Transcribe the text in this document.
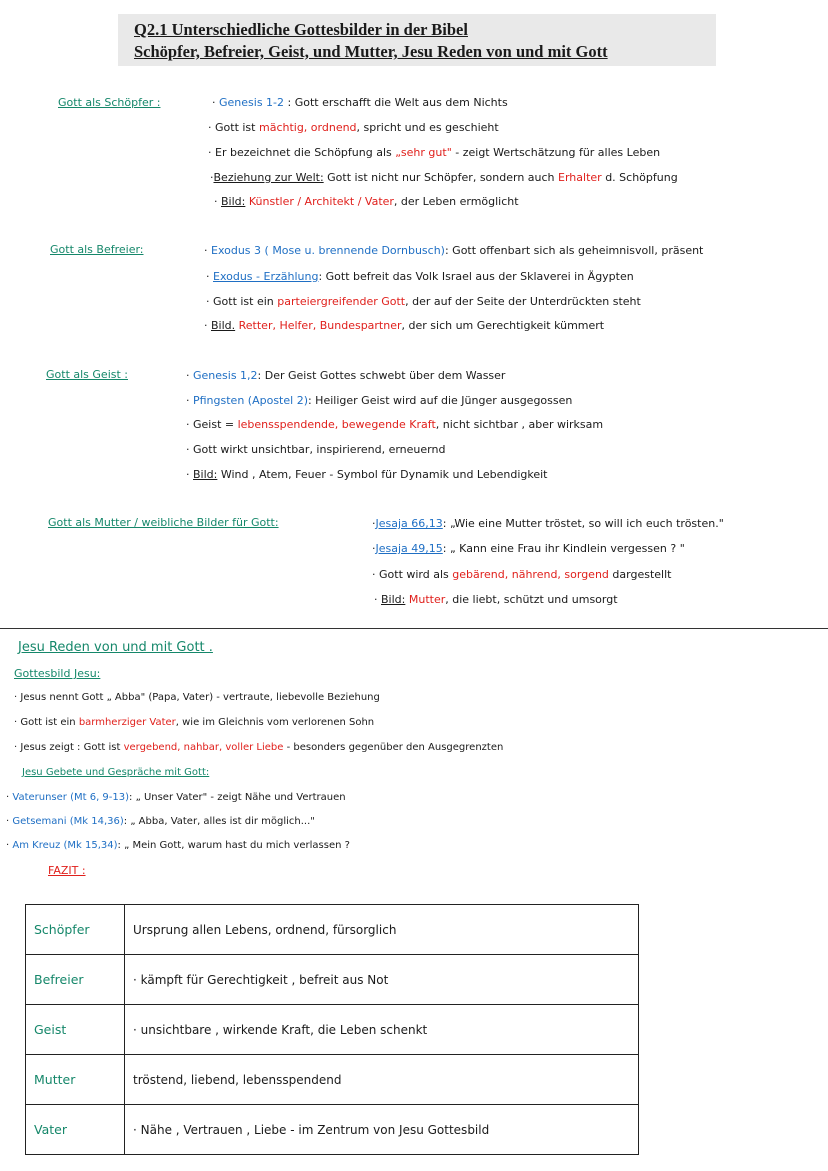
Q2.1 Unterschiedliche Gottesbilder in der Bibel
Schöpfer, Befreier, Geist, und Mutter, Jesu Reden von und mit Gott
Gott als Schöpfer :	· Genesis 1-2 : Gott erschafft die Welt aus dem Nichts
· Gott ist mächtig, ordnend, spricht und es geschieht
· Er bezeichnet die Schöpfung als „sehr gut" - zeigt Wertschätzung für alles Leben
·Beziehung zur Welt: Gott ist nicht nur Schöpfer, sondern auch Erhalter d. Schöpfung
· Bild: Künstler / Architekt / Vater, der Leben ermöglicht
Gott als Befreier:	· Exodus 3 ( Mose u. brennende Dornbusch): Gott offenbart sich als geheimnisvoll, präsent
· Exodus - Erzählung: Gott befreit das Volk Israel aus der Sklaverei in Ägypten
· Gott ist ein parteiergreifender Gott, der auf der Seite der Unterdrückten steht
· Bild. Retter, Helfer, Bundespartner, der sich um Gerechtigkeit kümmert
Gott als Geist :	· Genesis 1,2: Der Geist Gottes schwebt über dem Wasser
· Pfingsten (Apostel 2): Heiliger Geist wird auf die Jünger ausgegossen
· Geist = lebensspendende, bewegende Kraft, nicht sichtbar , aber wirksam
· Gott wirkt unsichtbar, inspirierend, erneuernd
· Bild: Wind , Atem, Feuer - Symbol für Dynamik und Lebendigkeit
Gott als Mutter / weibliche Bilder für Gott:	·Jesaja 66,13: „Wie eine Mutter tröstet, so will ich euch trösten."
·Jesaja 49,15: „ Kann eine Frau ihr Kindlein vergessen ? "
· Gott wird als gebärend, nährend, sorgend dargestellt
· Bild: Mutter, die liebt, schützt und umsorgt
Jesu Reden von und mit Gott .
Gottesbild Jesu:
· Jesus nennt Gott „ Abba" (Papa, Vater) - vertraute, liebevolle Beziehung
· Gott ist ein barmherziger Vater, wie im Gleichnis vom verlorenen Sohn
· Jesus zeigt : Gott ist vergebend, nahbar, voller Liebe - besonders gegenüber den Ausgegrenzten
Jesu Gebete und Gespräche mit Gott:
· Vaterunser (Mt 6, 9-13): „ Unser Vater" - zeigt Nähe und Vertrauen
· Getsemani (Mk 14,36): „ Abba, Vater, alles ist dir möglich..."
· Am Kreuz (Mk 15,34): „ Mein Gott, warum hast du mich verlassen ?
FAZIT :
Schöpfer	Ursprung allen Lebens, ordnend, fürsorglich
Befreier	· kämpft für Gerechtigkeit , befreit aus Not
Geist	· unsichtbare , wirkende Kraft, die Leben schenkt
Mutter	tröstend, liebend, lebensspendend
Vater	· Nähe , Vertrauen , Liebe - im Zentrum von Jesu Gottesbild
